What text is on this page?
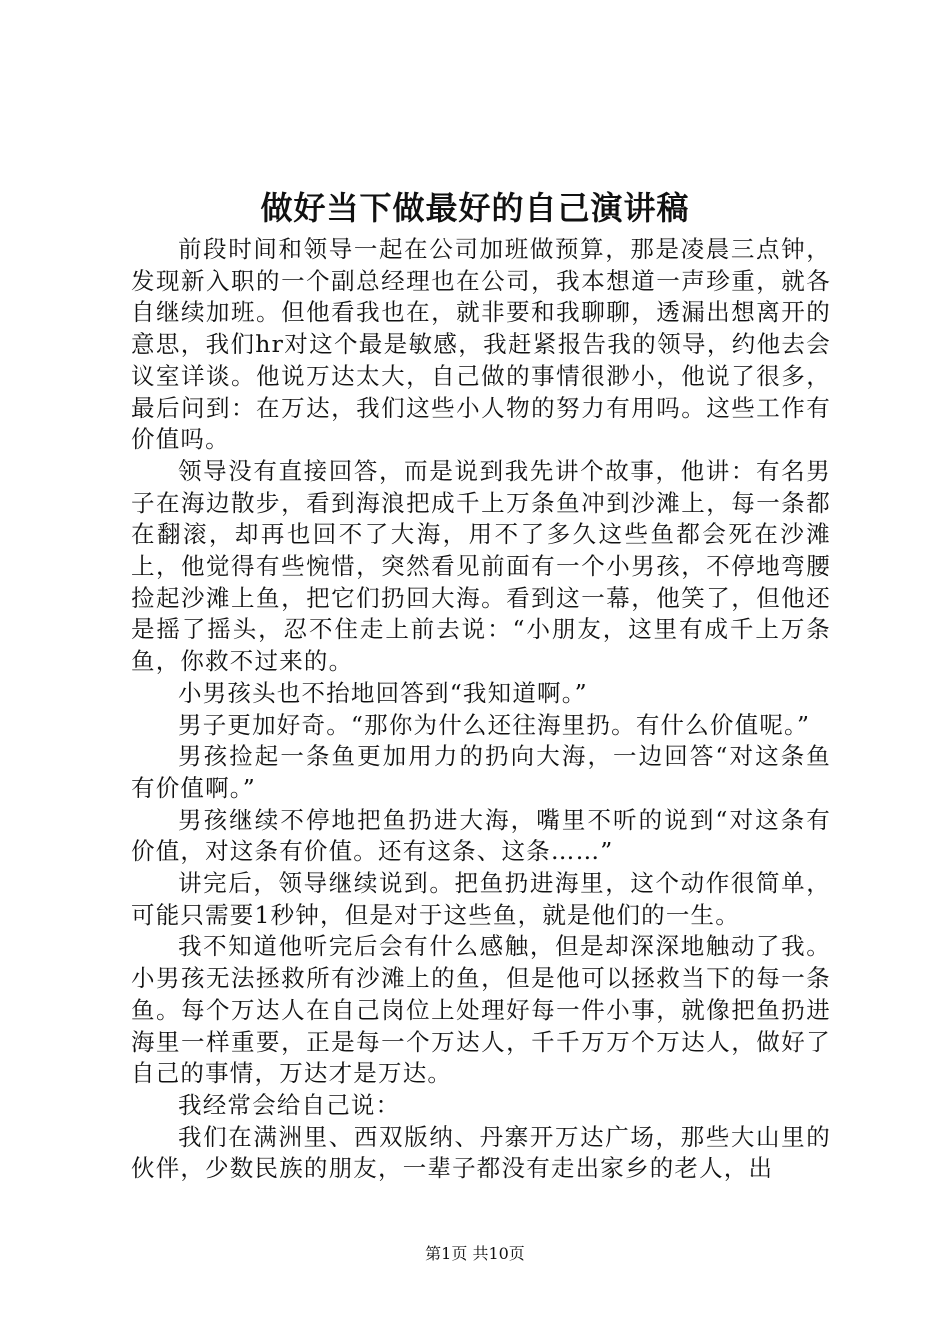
做好当下做最好的自己演讲稿

前段时间和领导一起在公司加班做预算，那是凌晨三点钟，发现新入职的一个副总经理也在公司，我本想道一声珍重，就各自继续加班。但他看我也在，就非要和我聊聊，透漏出想离开的意思，我们hr对这个最是敏感，我赶紧报告我的领导，约他去会议室详谈。他说万达太大，自己做的事情很渺小，他说了很多，最后问到：在万达，我们这些小人物的努力有用吗。这些工作有价值吗。

领导没有直接回答，而是说到我先讲个故事，他讲：有名男子在海边散步，看到海浪把成千上万条鱼冲到沙滩上，每一条都在翻滚，却再也回不了大海，用不了多久这些鱼都会死在沙滩上，他觉得有些惋惜，突然看见前面有一个小男孩，不停地弯腰捡起沙滩上鱼，把它们扔回大海。看到这一幕，他笑了，但他还是摇了摇头，忍不住走上前去说：“小朋友，这里有成千上万条鱼，你救不过来的。

小男孩头也不抬地回答到“我知道啊。”

男子更加好奇。“那你为什么还往海里扔。有什么价值呢。”

男孩捡起一条鱼更加用力的扔向大海，一边回答“对这条鱼有价值啊。”

男孩继续不停地把鱼扔进大海，嘴里不听的说到“对这条有价值，对这条有价值。还有这条、这条……”

讲完后，领导继续说到。把鱼扔进海里，这个动作很简单，可能只需要1秒钟，但是对于这些鱼，就是他们的一生。

我不知道他听完后会有什么感触，但是却深深地触动了我。小男孩无法拯救所有沙滩上的鱼，但是他可以拯救当下的每一条鱼。每个万达人在自己岗位上处理好每一件小事，就像把鱼扔进海里一样重要，正是每一个万达人，千千万万个万达人，做好了自己的事情，万达才是万达。

我经常会给自己说：

我们在满洲里、西双版纳、丹寨开万达广场，那些大山里的伙伴，少数民族的朋友，一辈子都没有走出家乡的老人，出

第1页 共10页
